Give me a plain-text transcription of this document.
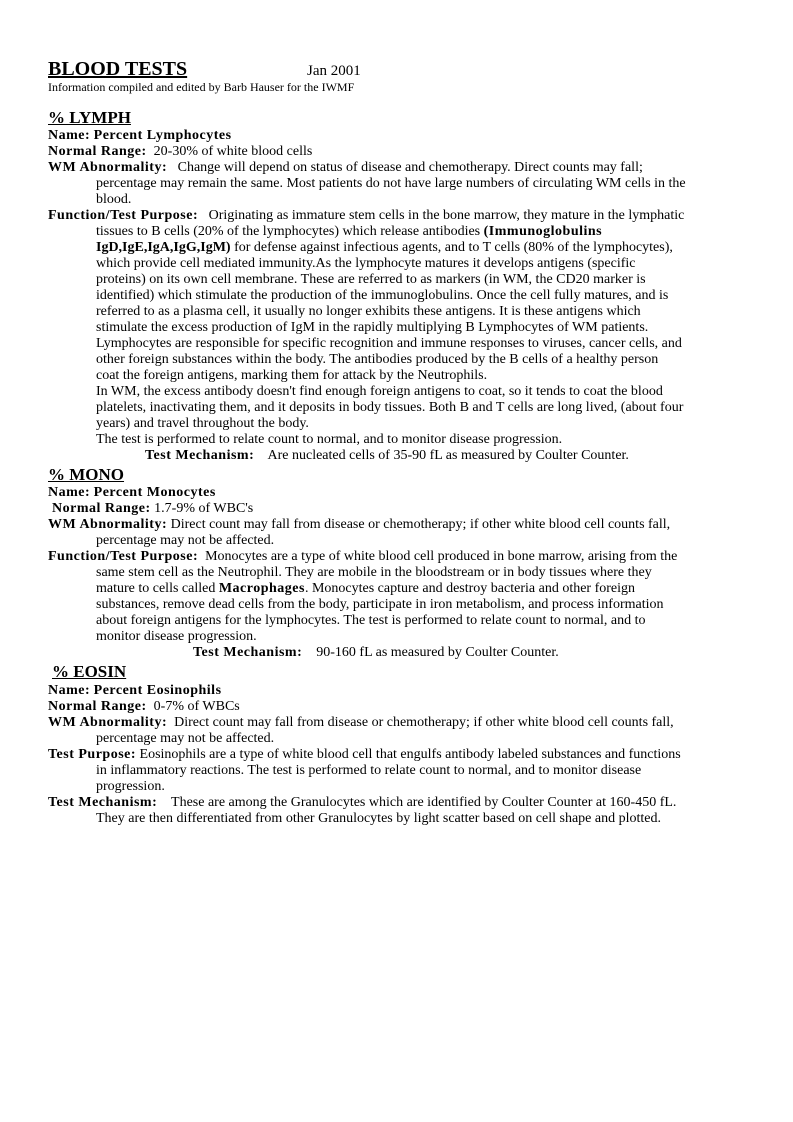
BLOOD TESTS	Jan 2001
Information compiled and edited by Barb Hauser for the IWMF
% LYMPH
Name: Percent Lymphocytes
Normal Range: 20-30% of white blood cells
WM Abnormality: Change will depend on status of disease and chemotherapy. Direct counts may fall;
percentage may remain the same. Most patients do not have large numbers of circulating WM cells in the
blood.
Function/Test Purpose: Originating as immature stem cells in the bone marrow, they mature in the lymphatic
tissues to B cells (20% of the lymphocytes) which release antibodies (Immunoglobulins
IgD,IgE,IgA,IgG,IgM) for defense against infectious agents, and to T cells (80% of the lymphocytes),
which provide cell mediated immunity.As the lymphocyte matures it develops antigens (specific
proteins) on its own cell membrane. These are referred to as markers (in WM, the CD20 marker is
identified) which stimulate the production of the immunoglobulins. Once the cell fully matures, and is
referred to as a plasma cell, it usually no longer exhibits these antigens. It is these antigens which
stimulate the excess production of IgM in the rapidly multiplying B Lymphocytes of WM patients.
Lymphocytes are responsible for specific recognition and immune responses to viruses, cancer cells, and
other foreign substances within the body. The antibodies produced by the B cells of a healthy person
coat the foreign antigens, marking them for attack by the Neutrophils.
In WM, the excess antibody doesn't find enough foreign antigens to coat, so it tends to coat the blood
platelets, inactivating them, and it deposits in body tissues. Both B and T cells are long lived, (about four
years) and travel throughout the body.
The test is performed to relate count to normal, and to monitor disease progression.
Test Mechanism: Are nucleated cells of 35-90 fL as measured by Coulter Counter.
% MONO
Name: Percent Monocytes
Normal Range: 1.7-9% of WBC's
WM Abnormality: Direct count may fall from disease or chemotherapy; if other white blood cell counts fall,
percentage may not be affected.
Function/Test Purpose: Monocytes are a type of white blood cell produced in bone marrow, arising from the
same stem cell as the Neutrophil. They are mobile in the bloodstream or in body tissues where they
mature to cells called Macrophages. Monocytes capture and destroy bacteria and other foreign
substances, remove dead cells from the body, participate in iron metabolism, and process information
about foreign antigens for the lymphocytes. The test is performed to relate count to normal, and to
monitor disease progression.
Test Mechanism: 90-160 fL as measured by Coulter Counter.
% EOSIN
Name: Percent Eosinophils
Normal Range: 0-7% of WBCs
WM Abnormality: Direct count may fall from disease or chemotherapy; if other white blood cell counts fall,
percentage may not be affected.
Test Purpose: Eosinophils are a type of white blood cell that engulfs antibody labeled substances and functions
in inflammatory reactions. The test is performed to relate count to normal, and to monitor disease
progression.
Test Mechanism: These are among the Granulocytes which are identified by Coulter Counter at 160-450 fL.
They are then differentiated from other Granulocytes by light scatter based on cell shape and plotted.
